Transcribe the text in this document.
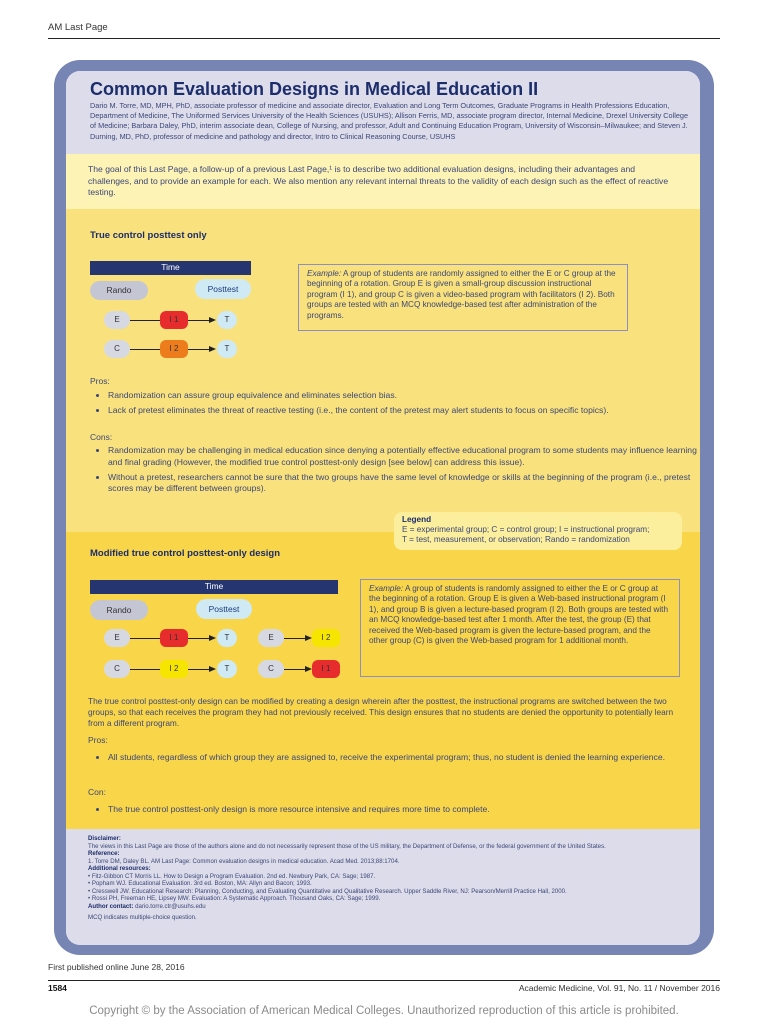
AM Last Page
Common Evaluation Designs in Medical Education II
Dario M. Torre, MD, MPH, PhD, associate professor of medicine and associate director, Evaluation and Long Term Outcomes, Graduate Programs in Health Professions Education, Department of Medicine, The Uniformed Services University of the Health Sciences (USUHS); Allison Ferris, MD, associate program director, Internal Medicine, Drexel University College of Medicine; Barbara Daley, PhD, interim associate dean, College of Nursing, and professor, Adult and Continuing Education Program, University of Wisconsin–Milwaukee; and Steven J. Durning, MD, PhD, professor of medicine and pathology and director, Intro to Clinical Reasoning Course, USUHS

The goal of this Last Page, a follow-up of a previous Last Page,¹ is to describe two additional evaluation designs, including their advantages and challenges, and to provide an example for each. We also mention any relevant internal threats to the validity of each design such as the effect of reactive testing.

True control posttest only
Time
Rando	Posttest
E	I 1	T
C	I 2	T
Example: A group of students are randomly assigned to either the E or C group at the beginning of a rotation. Group E is given a small-group discussion instructional program (I 1), and group C is given a video-based program with facilitators (I 2). Both groups are tested with an MCQ knowledge-based test after administration of the programs.
Pros:
• Randomization can assure group equivalence and eliminates selection bias.
• Lack of pretest eliminates the threat of reactive testing (i.e., the content of the pretest may alert students to focus on specific topics).
Cons:
• Randomization may be challenging in medical education since denying a potentially effective educational program to some students may influence learning and final grading (However, the modified true control posttest-only design [see below] can address this issue).
• Without a pretest, researchers cannot be sure that the two groups have the same level of knowledge or skills at the beginning of the program (i.e., pretest scores may be different between groups).
Modified true control posttest-only design
Time
Rando	Posttest
E	I 1	T	E	I 2
C	I 2	T	C	I 1
Example: A group of students is randomly assigned to either the E or C group at the beginning of a rotation. Group E is given a Web-based instructional program (I 1), and group B is given a lecture-based program (I 2). Both groups are tested with an MCQ knowledge-based test after 1 month. After the test, the group (E) that received the Web-based program is given the lecture-based program, and the other group (C) is given the Web-based program for 1 additional month.
The true control posttest-only design can be modified by creating a design wherein after the posttest, the instructional programs are switched between the two groups, so that each receives the program they had not previously received. This design ensures that no students are denied the opportunity to potentially learn from a different program.
Pros:
• All students, regardless of which group they are assigned to, receive the experimental program; thus, no student is denied the learning experience.
Con:
• The true control posttest-only design is more resource intensive and requires more time to complete.
Legend
E = experimental group; C = control group; I = instructional program;
T = test, measurement, or observation; Rando = randomization
Disclaimer:
The views in this Last Page are those of the authors alone and do not necessarily represent those of the US military, the Department of Defense, or the federal government of the United States.
Reference:
1. Torre DM, Daley BL. AM Last Page: Common evaluation designs in medical education. Acad Med. 2013;88:1704.
Additional resources:
• Fitz-Gibbon CT Morris LL. How to Design a Program Evaluation. 2nd ed. Newbury Park, CA: Sage; 1987.
• Popham WJ. Educational Evaluation. 3rd ed. Boston, MA: Allyn and Bacon; 1993.
• Cresswell JW. Educational Research: Planning, Conducting, and Evaluating Quantitative and Qualitative Research. Upper Saddle River, NJ: Pearson/Merrill Practice Hall, 2000.
• Rossi PH, Freeman HE, Lipsey MW. Evaluation: A Systematic Approach. Thousand Oaks, CA: Sage; 1999.
Author contact: dario.torre.ctr@usuhs.edu

MCQ indicates multiple-choice question.
First published online June 28, 2016
1584	Academic Medicine, Vol. 91, No. 11 / November 2016
Copyright © by the Association of American Medical Colleges. Unauthorized reproduction of this article is prohibited.
